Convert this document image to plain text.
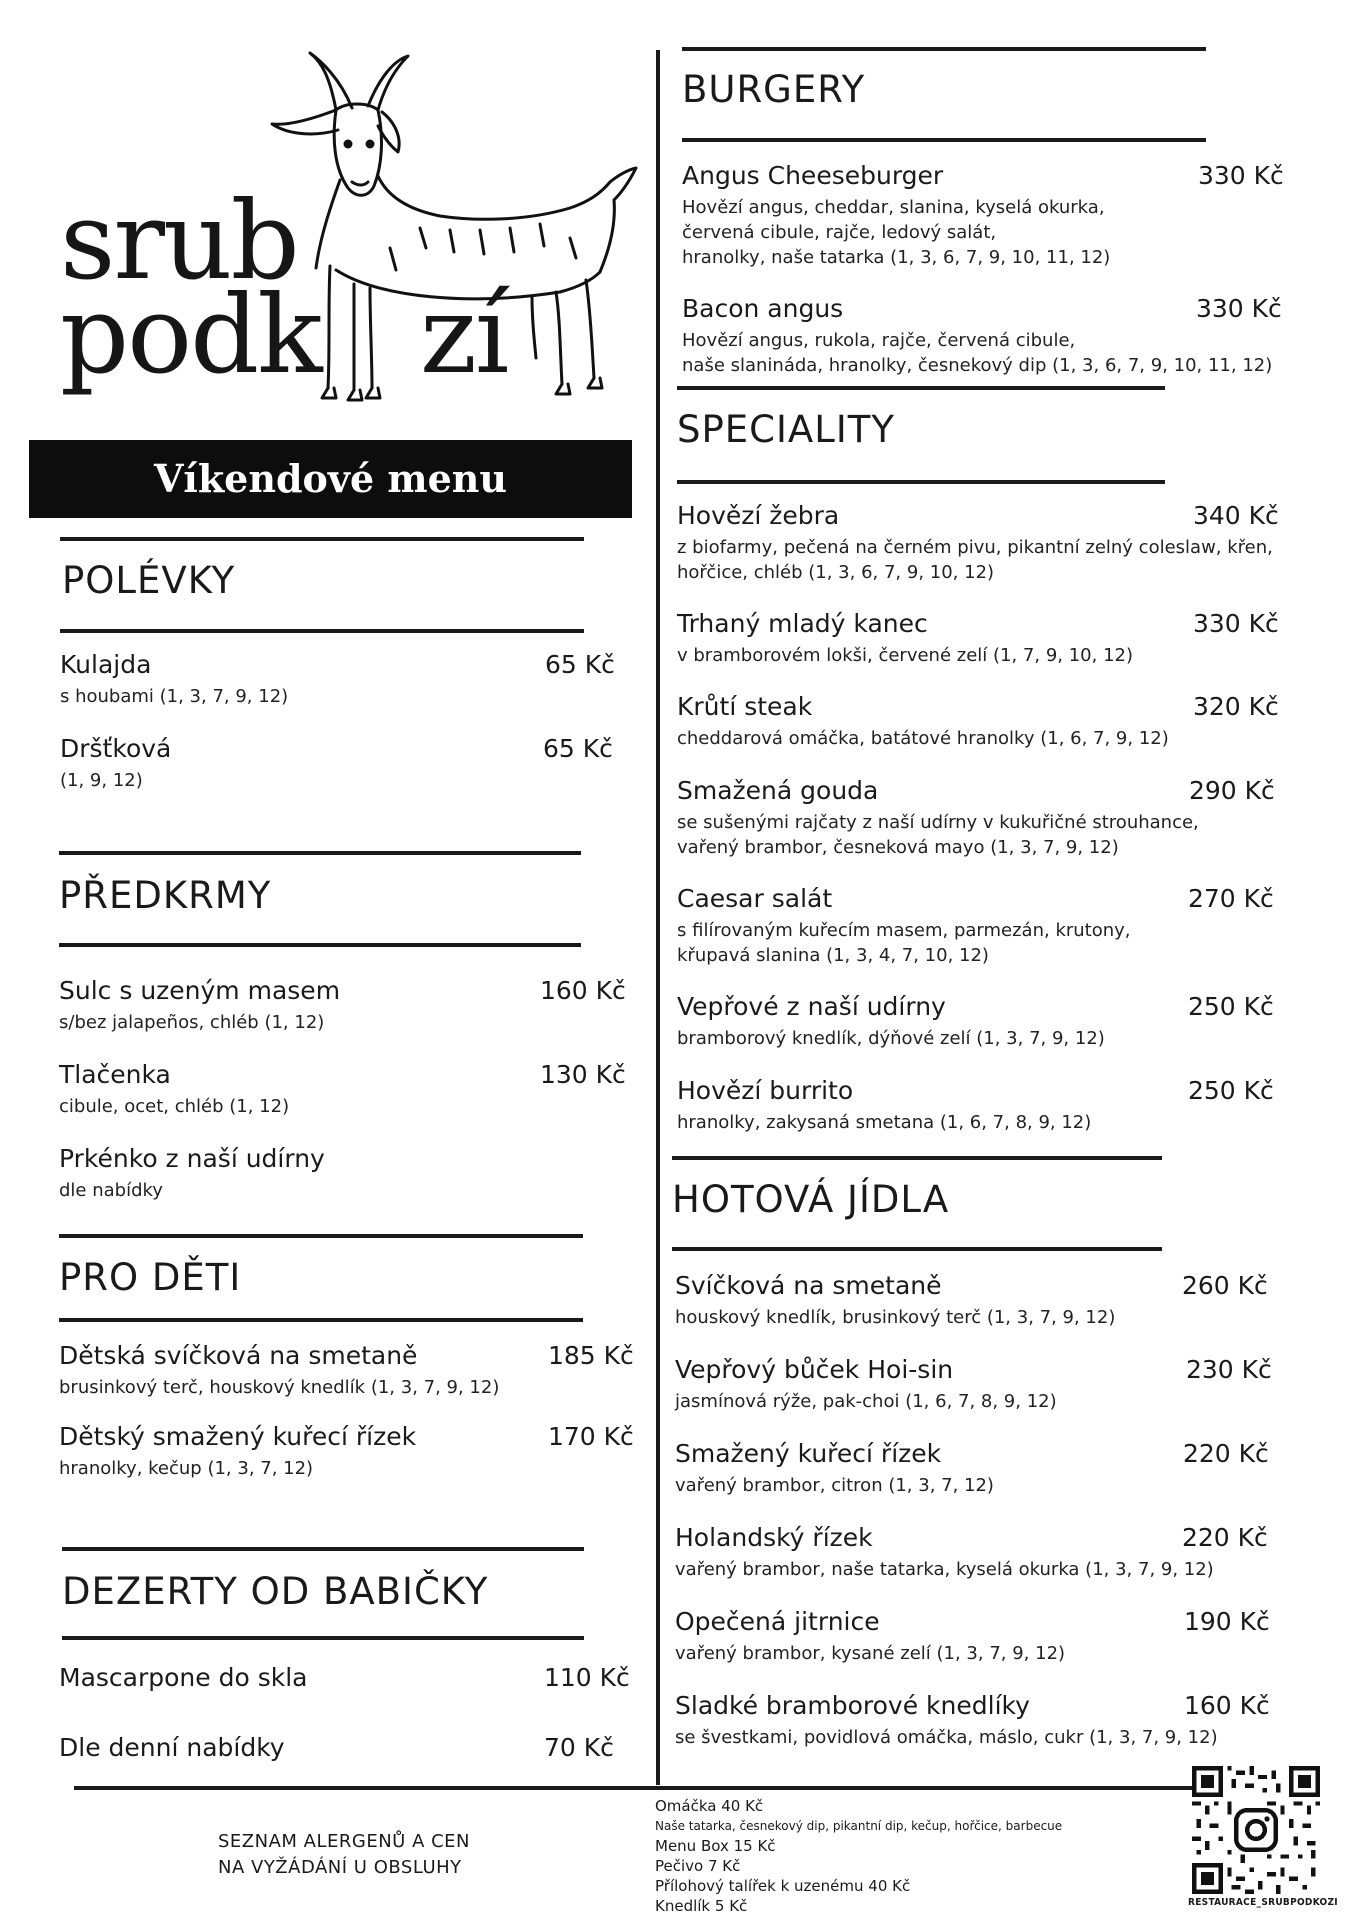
srub
podk zí
Víkendové menu
POLÉVKY
Kulajda	65 Kč
s houbami (1, 3, 7, 9, 12)
Dršťková	65 Kč
(1, 9, 12)
PŘEDKRMY
Sulc s uzeným masem	160 Kč
s/bez jalapeños, chléb (1, 12)
Tlačenka	130 Kč
cibule, ocet, chléb (1, 12)
Prkénko z naší udírny
dle nabídky
PRO DĚTI
Dětská svíčková na smetaně	185 Kč
brusinkový terč, houskový knedlík (1, 3, 7, 9, 12)
Dětský smažený kuřecí řízek	170 Kč
hranolky, kečup (1, 3, 7, 12)
DEZERTY OD BABIČKY
Mascarpone do skla	110 Kč
Dle denní nabídky	70 Kč
BURGERY
Angus Cheeseburger	330 Kč
Hovězí angus, cheddar, slanina, kyselá okurka,
červená cibule, rajče, ledový salát,
hranolky, naše tatarka (1, 3, 6, 7, 9, 10, 11, 12)
Bacon angus	330 Kč
Hovězí angus, rukola, rajče, červená cibule,
naše slanináda, hranolky, česnekový dip (1, 3, 6, 7, 9, 10, 11, 12)
SPECIALITY
Hovězí žebra	340 Kč
z biofarmy, pečená na černém pivu, pikantní zelný coleslaw, křen,
hořčice, chléb (1, 3, 6, 7, 9, 10, 12)
Trhaný mladý kanec	330 Kč
v bramborovém lokši, červené zelí (1, 7, 9, 10, 12)
Krůtí steak	320 Kč
cheddarová omáčka, batátové hranolky (1, 6, 7, 9, 12)
Smažená gouda	290 Kč
se sušenými rajčaty z naší udírny v kukuřičné strouhance,
vařený brambor, česneková mayo (1, 3, 7, 9, 12)
Caesar salát	270 Kč
s filírovaným kuřecím masem, parmezán, krutony,
křupavá slanina (1, 3, 4, 7, 10, 12)
Vepřové z naší udírny	250 Kč
bramborový knedlík, dýňové zelí (1, 3, 7, 9, 12)
Hovězí burrito	250 Kč
hranolky, zakysaná smetana (1, 6, 7, 8, 9, 12)
HOTOVÁ JÍDLA
Svíčková na smetaně	260 Kč
houskový knedlík, brusinkový terč (1, 3, 7, 9, 12)
Vepřový bůček Hoi-sin	230 Kč
jasmínová rýže, pak-choi (1, 6, 7, 8, 9, 12)
Smažený kuřecí řízek	220 Kč
vařený brambor, citron (1, 3, 7, 12)
Holandský řízek	220 Kč
vařený brambor, naše tatarka, kyselá okurka (1, 3, 7, 9, 12)
Opečená jitrnice	190 Kč
vařený brambor, kysané zelí (1, 3, 7, 9, 12)
Sladké bramborové knedlíky	160 Kč
se švestkami, povidlová omáčka, máslo, cukr (1, 3, 7, 9, 12)
SEZNAM ALERGENŮ A CEN
NA VYŽÁDÁNÍ U OBSLUHY
Omáčka 40 Kč
Naše tatarka, česnekový dip, pikantní dip, kečup, hořčice, barbecue
Menu Box 15 Kč
Pečivo 7 Kč
Přílohový talířek k uzenému 40 Kč
Knedlík 5 Kč	RESTAURACE_SRUBPODKOZI
